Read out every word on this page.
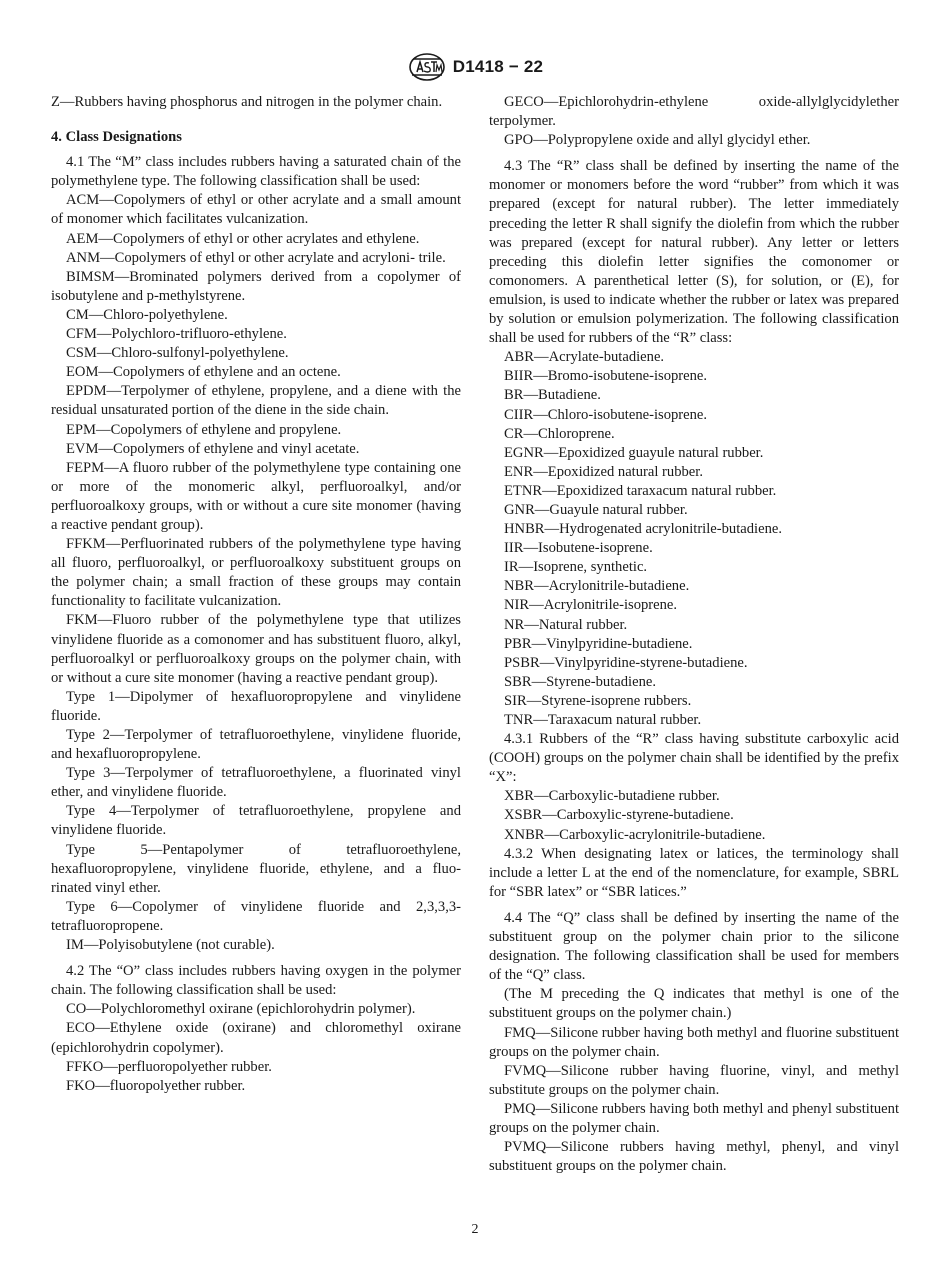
D1418 − 22

Z—Rubbers having phosphorus and nitrogen in the polymer chain.

4. Class Designations

4.1 The “M” class includes rubbers having a saturated chain of the polymethylene type. The following classification shall be used:

ACM—Copolymers of ethyl or other acrylate and a small amount of monomer which facilitates vulcanization.

AEM—Copolymers of ethyl or other acrylates and ethylene.

ANM—Copolymers of ethyl or other acrylate and acryloni- trile.

BIMSM—Brominated polymers derived from a copolymer of isobutylene and p-methylstyrene.

CM—Chloro-polyethylene.

CFM—Polychloro-trifluoro-ethylene.

CSM—Chloro-sulfonyl-polyethylene.

EOM—Copolymers of ethylene and an octene.

EPDM—Terpolymer of ethylene, propylene, and a diene with the residual unsaturated portion of the diene in the side chain.

EPM—Copolymers of ethylene and propylene.

EVM—Copolymers of ethylene and vinyl acetate.

FEPM—A fluoro rubber of the polymethylene type containing one or more of the monomeric alkyl, perfluoroalkyl, and/or perfluoroalkoxy groups, with or without a cure site monomer (having a reactive pendant group).

FFKM—Perfluorinated rubbers of the polymethylene type having all fluoro, perfluoroalkyl, or perfluoroalkoxy substituent groups on the polymer chain; a small fraction of these groups may contain functionality to facilitate vulcanization.

FKM—Fluoro rubber of the polymethylene type that utilizes vinylidene fluoride as a comonomer and has substituent fluoro, alkyl, perfluoroalkyl or perfluoroalkoxy groups on the polymer chain, with or without a cure site monomer (having a reactive pendant group).

Type 1—Dipolymer of hexafluoropropylene and vinylidene fluoride.

Type 2—Terpolymer of tetrafluoroethylene, vinylidene fluoride, and hexafluoropropylene.

Type 3—Terpolymer of tetrafluoroethylene, a fluorinated vinyl ether, and vinylidene fluoride.

Type 4—Terpolymer of tetrafluoroethylene, propylene and vinylidene fluoride.

Type 5—Pentapolymer of tetrafluoroethylene, hexafluoropropylene, vinylidene fluoride, ethylene, and a fluo- rinated vinyl ether.

Type 6—Copolymer of vinylidene fluoride and 2,3,3,3- tetrafluoropropene.

IM—Polyisobutylene (not curable).

4.2 The “O” class includes rubbers having oxygen in the polymer chain. The following classification shall be used:

CO—Polychloromethyl oxirane (epichlorohydrin polymer).

ECO—Ethylene oxide (oxirane) and chloromethyl oxirane (epichlorohydrin copolymer).

FFKO—perfluoropolyether rubber.

FKO—fluoropolyether rubber.

GECO—Epichlorohydrin-ethylene oxide-allylglycidylether terpolymer.

GPO—Polypropylene oxide and allyl glycidyl ether.

4.3 The “R” class shall be defined by inserting the name of the monomer or monomers before the word “rubber” from which it was prepared (except for natural rubber). The letter immediately preceding the letter R shall signify the diolefin from which the rubber was prepared (except for natural rubber). Any letter or letters preceding this diolefin letter signifies the comonomer or comonomers. A parenthetical letter (S), for solution, or (E), for emulsion, is used to indicate whether the rubber or latex was prepared by solution or emulsion polymerization. The following classification shall be used for rubbers of the “R” class:

ABR—Acrylate-butadiene.

BIIR—Bromo-isobutene-isoprene.

BR—Butadiene.

CIIR—Chloro-isobutene-isoprene.

CR—Chloroprene.

EGNR—Epoxidized guayule natural rubber.

ENR—Epoxidized natural rubber.

ETNR—Epoxidized taraxacum natural rubber.

GNR—Guayule natural rubber.

HNBR—Hydrogenated acrylonitrile-butadiene.

IIR—Isobutene-isoprene.

IR—Isoprene, synthetic.

NBR—Acrylonitrile-butadiene.

NIR—Acrylonitrile-isoprene.

NR—Natural rubber.

PBR—Vinylpyridine-butadiene.

PSBR—Vinylpyridine-styrene-butadiene.

SBR—Styrene-butadiene.

SIR—Styrene-isoprene rubbers.

TNR—Taraxacum natural rubber.

4.3.1 Rubbers of the “R” class having substitute carboxylic acid (COOH) groups on the polymer chain shall be identified by the prefix “X”:

XBR—Carboxylic-butadiene rubber.

XSBR—Carboxylic-styrene-butadiene.

XNBR—Carboxylic-acrylonitrile-butadiene.

4.3.2 When designating latex or latices, the terminology shall include a letter L at the end of the nomenclature, for example, SBRL for “SBR latex” or “SBR latices.”

4.4 The “Q” class shall be defined by inserting the name of the substituent group on the polymer chain prior to the silicone designation. The following classification shall be used for members of the “Q” class.

(The M preceding the Q indicates that methyl is one of the substituent groups on the polymer chain.)

FMQ—Silicone rubber having both methyl and fluorine substituent groups on the polymer chain.

FVMQ—Silicone rubber having fluorine, vinyl, and methyl substitute groups on the polymer chain.

PMQ—Silicone rubbers having both methyl and phenyl substituent groups on the polymer chain.

PVMQ—Silicone rubbers having methyl, phenyl, and vinyl substituent groups on the polymer chain.

2
